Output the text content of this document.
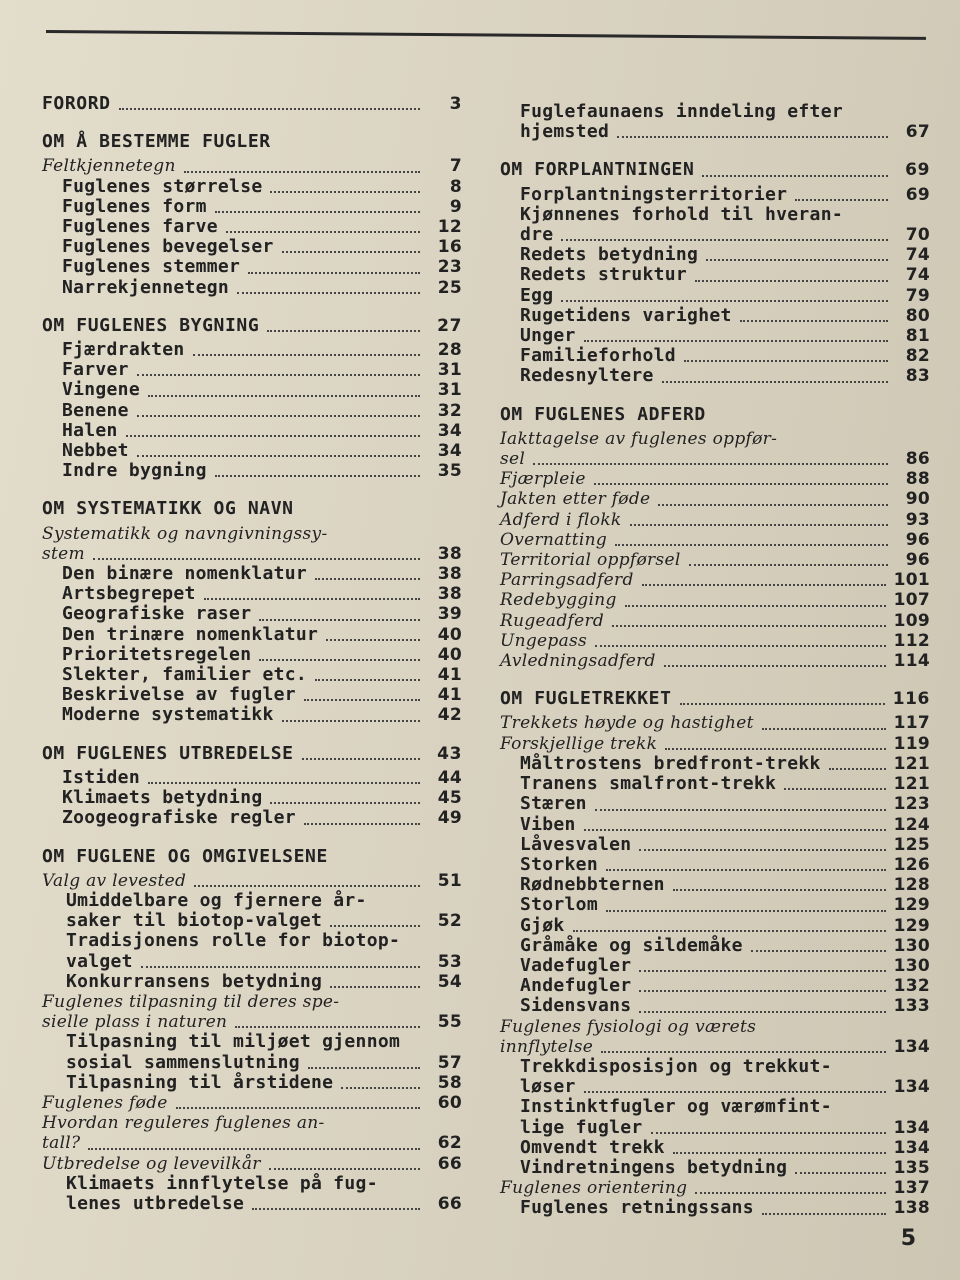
FORORD	3
OM Å BESTEMME FUGLER
Feltkjennetegn	7
Fuglenes størrelse	8
Fuglenes form	9
Fuglenes farve	12
Fuglenes bevegelser	16
Fuglenes stemmer	23
Narrekjennetegn	25
OM FUGLENES BYGNING	27
Fjærdrakten	28
Farver	31
Vingene	31
Benene	32
Halen	34
Nebbet	34
Indre bygning	35
OM SYSTEMATIKK OG NAVN
Systematikk og navngivningssy-
stem	38
Den binære nomenklatur	38
Artsbegrepet	38
Geografiske raser	39
Den trinære nomenklatur	40
Prioritetsregelen	40
Slekter, familier etc.	41
Beskrivelse av fugler	41
Moderne systematikk	42
OM FUGLENES UTBREDELSE	43
Istiden	44
Klimaets betydning	45
Zoogeografiske regler	49
OM FUGLENE OG OMGIVELSENE
Valg av levested	51
Umiddelbare og fjernere år-
saker til biotop-valget	52
Tradisjonens rolle for biotop-
valget	53
Konkurransens betydning	54
Fuglenes tilpasning til deres spe-
sielle plass i naturen	55
Tilpasning til miljøet gjennom
sosial sammenslutning	57
Tilpasning til årstidene	58
Fuglenes føde	60
Hvordan reguleres fuglenes an-
tall?	62
Utbredelse og levevilkår	66
Klimaets innflytelse på fug-
lenes utbredelse	66
Fuglefaunaens inndeling efter
hjemsted	67
OM FORPLANTNINGEN	69
Forplantningsterritorier	69
Kjønnenes forhold til hveran-
dre	70
Redets betydning	74
Redets struktur	74
Egg	79
Rugetidens varighet	80
Unger	81
Familieforhold	82
Redesnyltere	83
OM FUGLENES ADFERD
Iakttagelse av fuglenes oppfør-
sel	86
Fjærpleie	88
Jakten etter føde	90
Adferd i flokk	93
Overnatting	96
Territorial oppførsel	96
Parringsadferd	101
Redebygging	107
Rugeadferd	109
Ungepass	112
Avledningsadferd	114
OM FUGLETREKKET	116
Trekkets høyde og hastighet	117
Forskjellige trekk	119
Måltrostens bredfront-trekk	121
Tranens smalfront-trekk	121
Stæren	123
Viben	124
Låvesvalen	125
Storken	126
Rødnebbternen	128
Storlom	129
Gjøk	129
Gråmåke og sildemåke	130
Vadefugler	130
Andefugler	132
Sidensvans	133
Fuglenes fysiologi og værets
innflytelse	134
Trekkdisposisjon og trekkut-
løser	134
Instinktfugler og værømfint-
lige fugler	134
Omvendt trekk	134
Vindretningens betydning	135
Fuglenes orientering	137
Fuglenes retningssans	138
5
